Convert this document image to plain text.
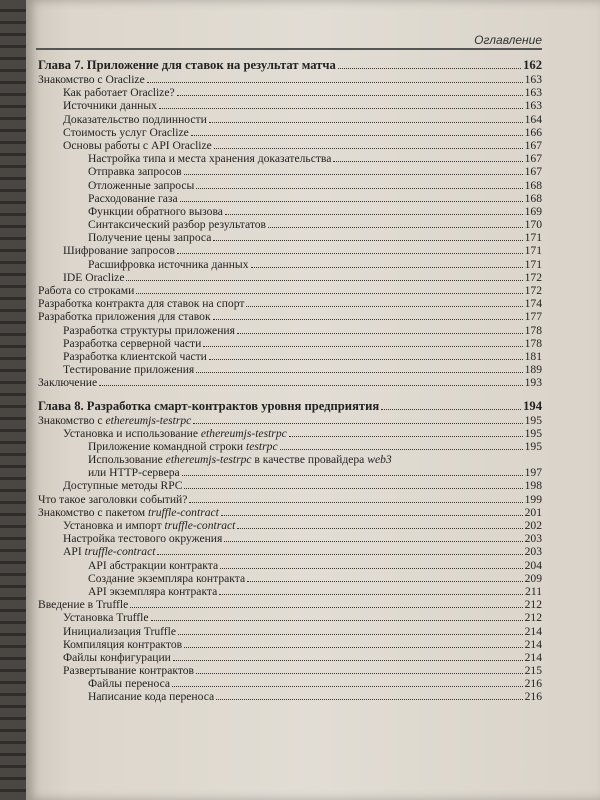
Оглавление
Глава 7. Приложение для ставок на результат матча	162
Знакомство с Oraclize	163
Как работает Oraclize?	163
Источники данных	163
Доказательство подлинности	164
Стоимость услуг Oraclize	166
Основы работы с API Oraclize	167
Настройка типа и места хранения доказательства	167
Отправка запросов	167
Отложенные запросы	168
Расходование газа	168
Функции обратного вызова	169
Синтаксический разбор результатов	170
Получение цены запроса	171
Шифрование запросов	171
Расшифровка источника данных	171
IDE Oraclize	172
Работа со строками	172
Разработка контракта для ставок на спорт	174
Разработка приложения для ставок	177
Разработка структуры приложения	178
Разработка серверной части	178
Разработка клиентской части	181
Тестирование приложения	189
Заключение	193
Глава 8. Разработка смарт-контрактов уровня предприятия	194
Знакомство с ethereumjs-testrpc	195
Установка и использование ethereumjs-testrpc	195
Приложение командной строки testrpc	195
Использование ethereumjs-testrpc в качестве провайдера web3
или HTTP-сервера	197
Доступные методы RPC	198
Что такое заголовки событий?	199
Знакомство с пакетом truffle-contract	201
Установка и импорт truffle-contract	202
Настройка тестового окружения	203
API truffle-contract	203
API абстракции контракта	204
Создание экземпляра контракта	209
API экземпляра контракта	211
Введение в Truffle	212
Установка Truffle	212
Инициализация Truffle	214
Компиляция контрактов	214
Файлы конфигурации	214
Развертывание контрактов	215
Файлы переноса	216
Написание кода переноса	216
